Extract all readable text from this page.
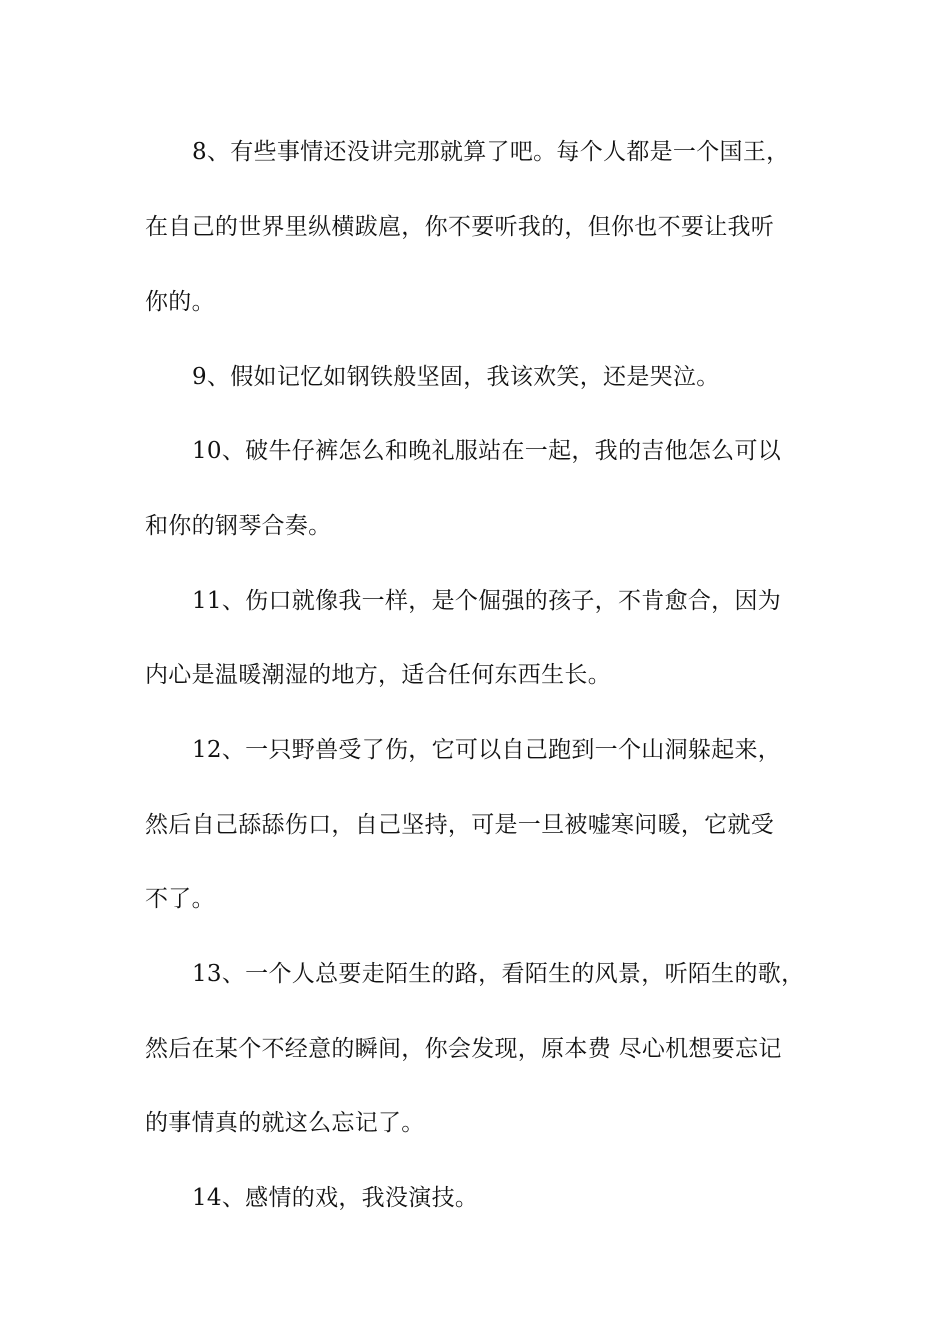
8、有些事情还没讲完那就算了吧。每个人都是一个国王，
在自己的世界里纵横跋扈，你不要听我的，但你也不要让我听
你的。
9、假如记忆如钢铁般坚固，我该欢笑，还是哭泣。
10、破牛仔裤怎么和晚礼服站在一起，我的吉他怎么可以
和你的钢琴合奏。
11、伤口就像我一样，是个倔强的孩子，不肯愈合，因为
内心是温暖潮湿的地方，适合任何东西生长。
12、一只野兽受了伤，它可以自己跑到一个山洞躲起来，
然后自己舔舔伤口，自己坚持，可是一旦被嘘寒问暖，它就受
不了。
13、一个人总要走陌生的路，看陌生的风景，听陌生的歌，
然后在某个不经意的瞬间，你会发现，原本费 尽心机想要忘记
的事情真的就这么忘记了。
14、感情的戏，我没演技。
